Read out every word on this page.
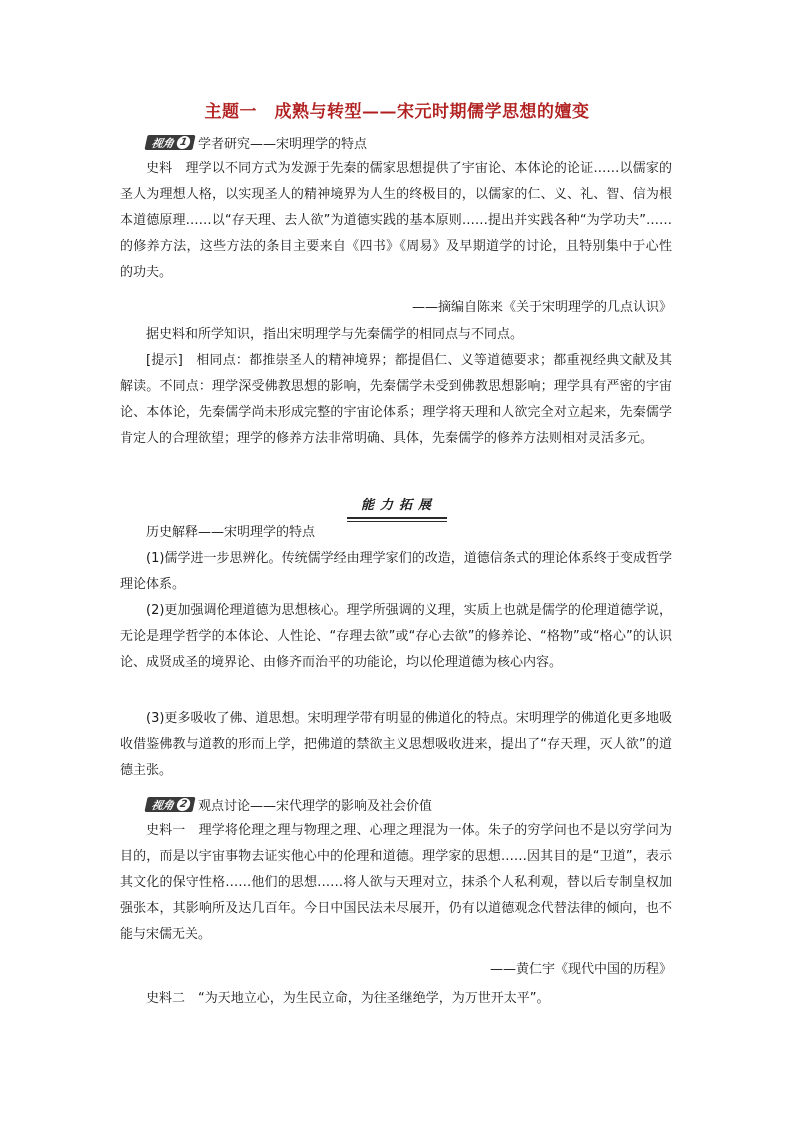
主题一　成熟与转型——宋元时期儒学思想的嬗变
视角 1 学者研究——宋明理学的特点

史料　理学以不同方式为发源于先秦的儒家思想提供了宇宙论、本体论的论证……以儒家的圣人为理想人格，以实现圣人的精神境界为人生的终极目的，以儒家的仁、义、礼、智、信为根本道德原理……以“存天理、去人欲”为道德实践的基本原则……提出并实践各种“为学功夫”……的修养方法，这些方法的条目主要来自《四书》《周易》及早期道学的讨论，且特别集中于心性的功夫。

——摘编自陈来《关于宋明理学的几点认识》

据史料和所学知识，指出宋明理学与先秦儒学的相同点与不同点。

[提示]　相同点：都推崇圣人的精神境界；都提倡仁、义等道德要求；都重视经典文献及其解读。不同点：理学深受佛教思想的影响，先秦儒学未受到佛教思想影响；理学具有严密的宇宙论、本体论，先秦儒学尚未形成完整的宇宙论体系；理学将天理和人欲完全对立起来，先秦儒学肯定人的合理欲望；理学的修养方法非常明确、具体，先秦儒学的修养方法则相对灵活多元。

能力拓展

历史解释——宋明理学的特点

(1)儒学进一步思辨化。传统儒学经由理学家们的改造，道德信条式的理论体系终于变成哲学理论体系。

(2)更加强调伦理道德为思想核心。理学所强调的义理，实质上也就是儒学的伦理道德学说，无论是理学哲学的本体论、人性论、“存理去欲”或“存心去欲”的修养论、“格物”或“格心”的认识论、成贤成圣的境界论、由修齐而治平的功能论，均以伦理道德为核心内容。

(3)更多吸收了佛、道思想。宋明理学带有明显的佛道化的特点。宋明理学的佛道化更多地吸收借鉴佛教与道教的形而上学，把佛道的禁欲主义思想吸收进来，提出了“存天理，灭人欲”的道德主张。

视角 2 观点讨论——宋代理学的影响及社会价值

史料一　理学将伦理之理与物理之理、心理之理混为一体。朱子的穷学问也不是以穷学问为目的，而是以宇宙事物去证实他心中的伦理和道德。理学家的思想……因其目的是“卫道”，表示其文化的保守性格……他们的思想……将人欲与天理对立，抹杀个人私利观，替以后专制皇权加强张本，其影响所及达几百年。今日中国民法未尽展开，仍有以道德观念代替法律的倾向，也不能与宋儒无关。

——黄仁宇《现代中国的历程》

史料二　“为天地立心，为生民立命，为往圣继绝学，为万世开太平”。
